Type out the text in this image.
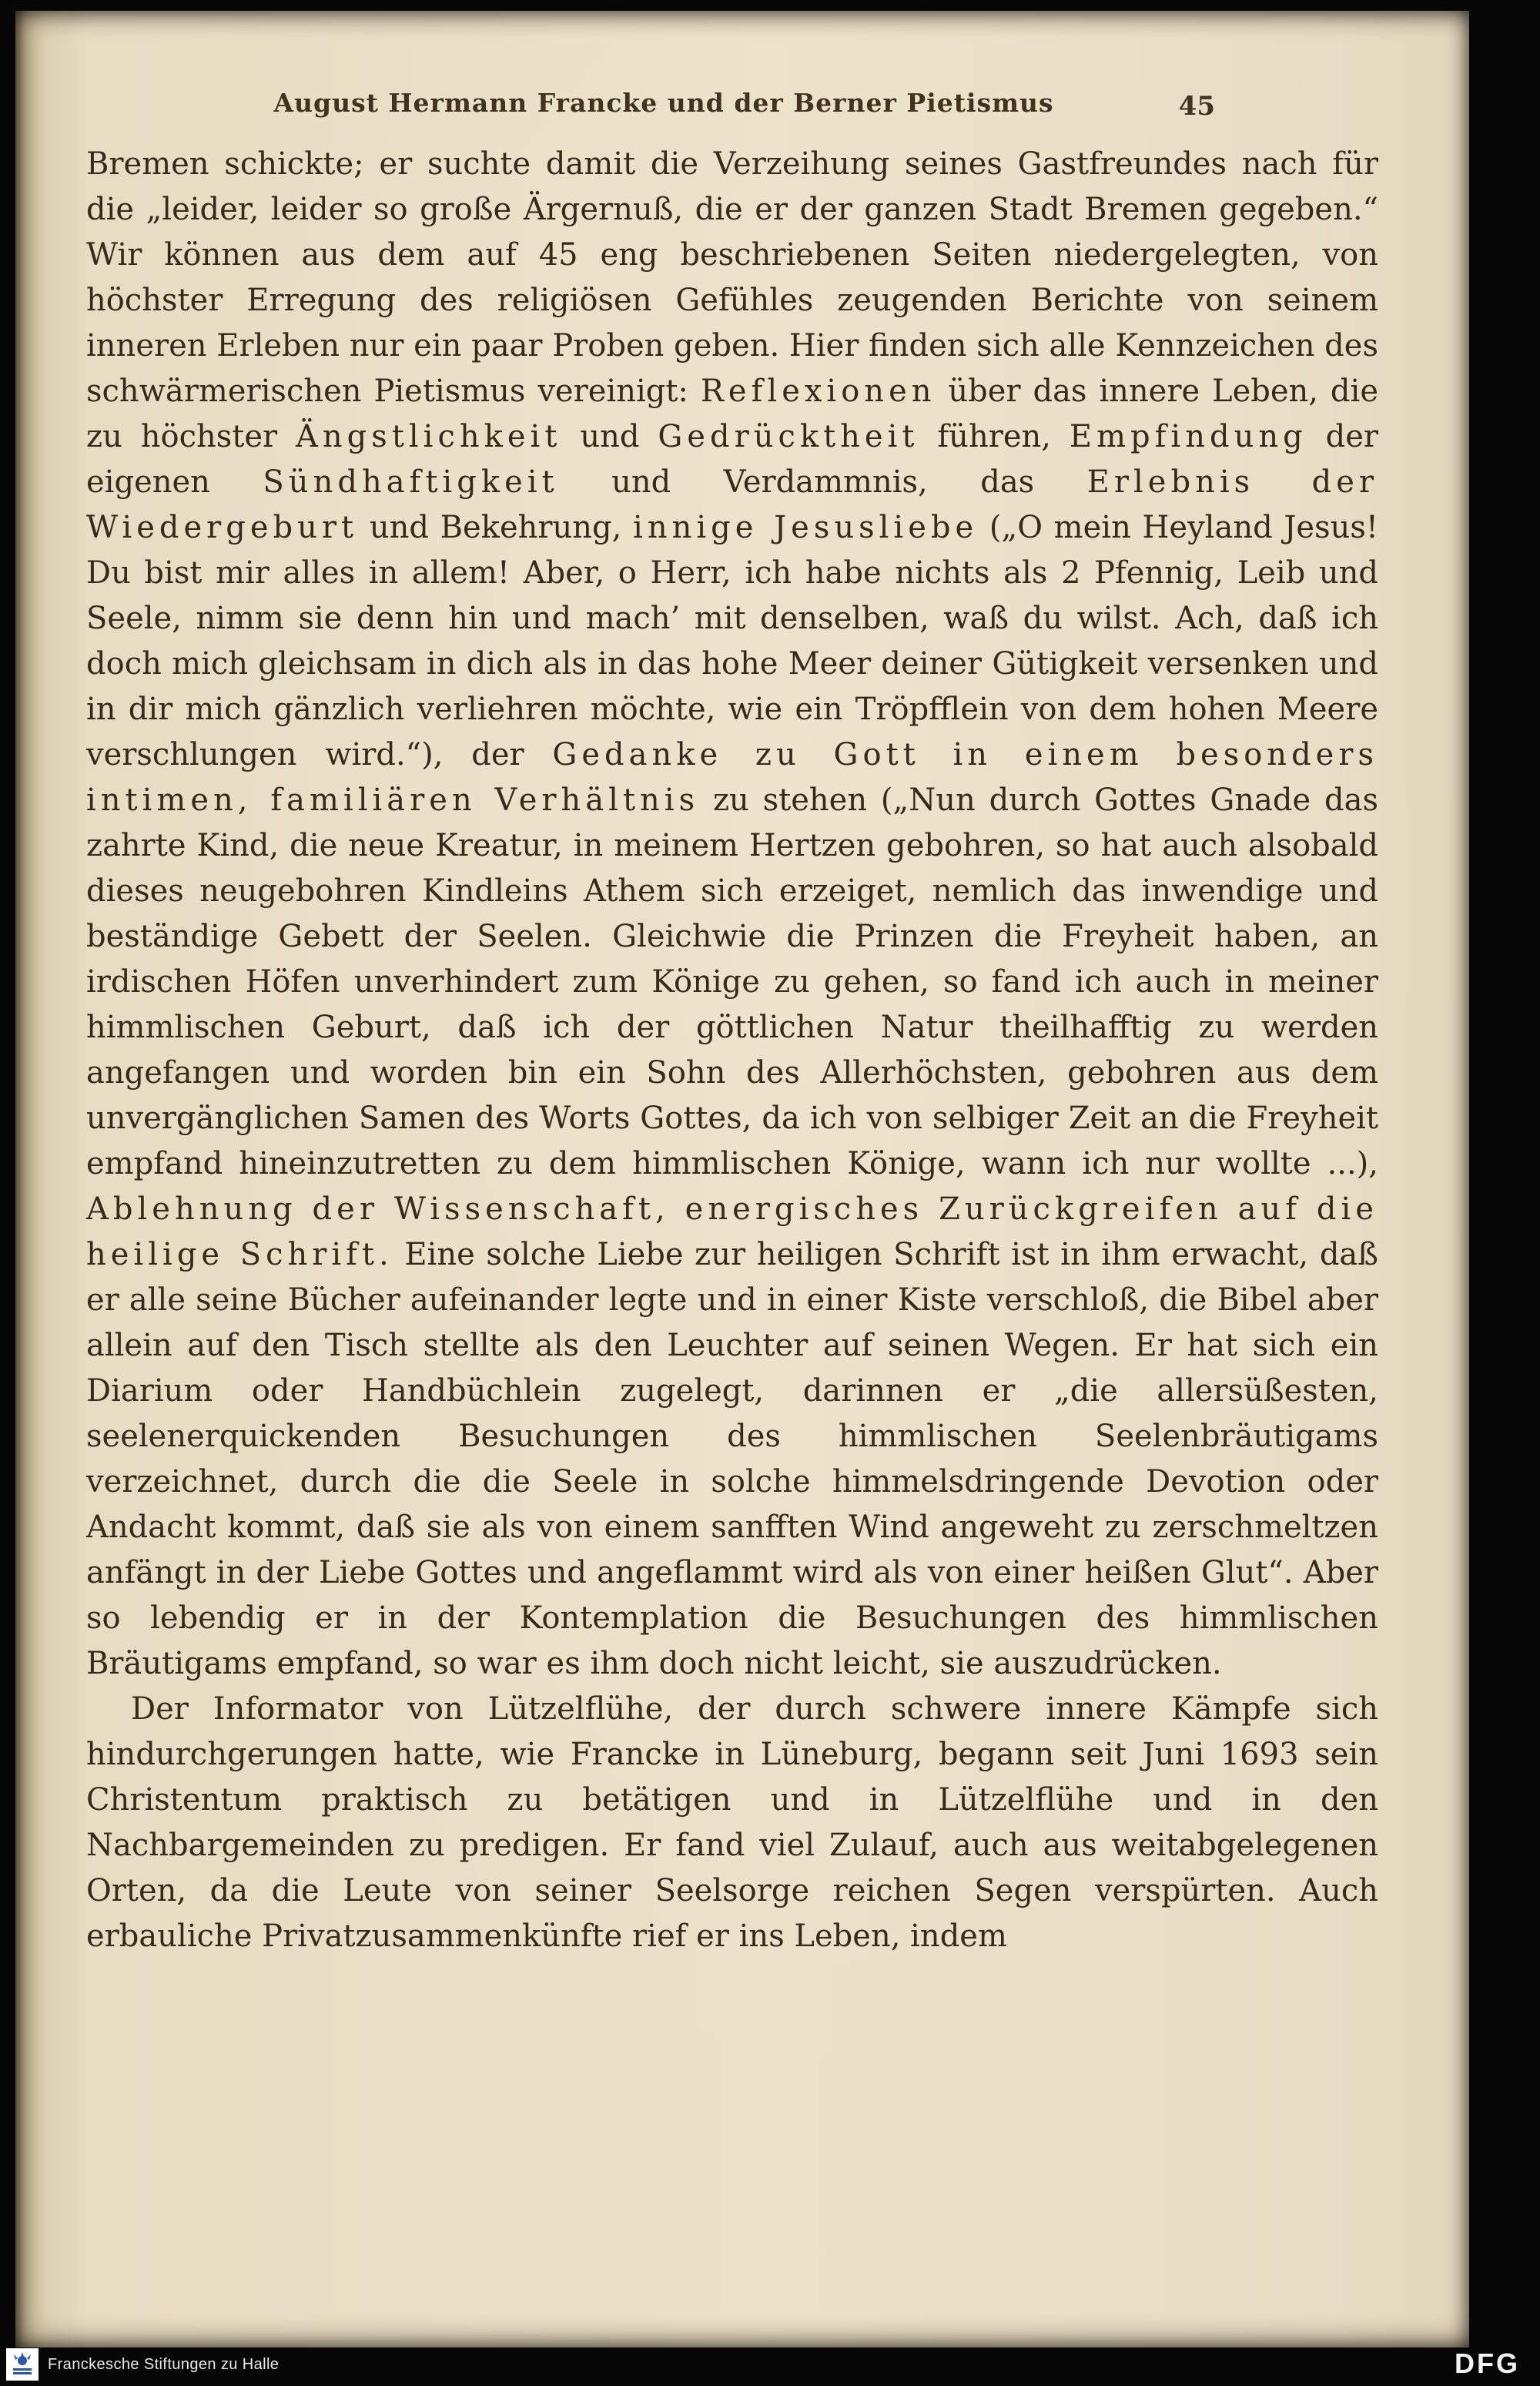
August Hermann Francke und der Berner Pietismus	45

Bremen schickte; er suchte damit die Verzeihung seines Gastfreundes nach für die „leider, leider so große Ärgernuß, die er der ganzen Stadt Bremen gegeben.“ Wir können aus dem auf 45 eng beschriebenen Seiten niedergelegten, von höchster Erregung des religiösen Gefühles zeugenden Berichte von seinem inneren Erleben nur ein paar Proben geben. Hier finden sich alle Kennzeichen des schwärmerischen Pietismus vereinigt: Reflexionen über das innere Leben, die zu höchster Ängstlichkeit und Gedrücktheit führen, Empfindung der eigenen Sündhaftigkeit und Verdammnis, das Erlebnis der Wiedergeburt und Bekehrung, innige Jesusliebe („O mein Heyland Jesus! Du bist mir alles in allem! Aber, o Herr, ich habe nichts als 2 Pfennig, Leib und Seele, nimm sie denn hin und mach’ mit denselben, waß du wilst. Ach, daß ich doch mich gleichsam in dich als in das hohe Meer deiner Gütigkeit versenken und in dir mich gänzlich verliehren möchte, wie ein Tröpfflein von dem hohen Meere verschlungen wird.“), der Gedanke zu Gott in einem besonders intimen, familiären Verhältnis zu stehen („Nun durch Gottes Gnade das zahrte Kind, die neue Kreatur, in meinem Hertzen gebohren, so hat auch alsobald dieses neugebohren Kindleins Athem sich erzeiget, nemlich das inwendige und beständige Gebett der Seelen. Gleichwie die Prinzen die Freyheit haben, an irdischen Höfen unverhindert zum Könige zu gehen, so fand ich auch in meiner himmlischen Geburt, daß ich der göttlichen Natur theilhafftig zu werden angefangen und worden bin ein Sohn des Allerhöchsten, gebohren aus dem unvergänglichen Samen des Worts Gottes, da ich von selbiger Zeit an die Freyheit empfand hineinzutretten zu dem himmlischen Könige, wann ich nur wollte ...), Ablehnung der Wissenschaft, energisches Zurückgreifen auf die heilige Schrift. Eine solche Liebe zur heiligen Schrift ist in ihm erwacht, daß er alle seine Bücher aufeinander legte und in einer Kiste verschloß, die Bibel aber allein auf den Tisch stellte als den Leuchter auf seinen Wegen. Er hat sich ein Diarium oder Handbüchlein zugelegt, darinnen er „die allersüßesten, seelenerquickenden Besuchungen des himmlischen Seelenbräutigams verzeichnet, durch die die Seele in solche himmelsdringende Devotion oder Andacht kommt, daß sie als von einem sanfften Wind angeweht zu zerschmeltzen anfängt in der Liebe Gottes und angeflammt wird als von einer heißen Glut“. Aber so lebendig er in der Kontemplation die Besuchungen des himmlischen Bräutigams empfand, so war es ihm doch nicht leicht, sie auszudrücken.

Der Informator von Lützelflühe, der durch schwere innere Kämpfe sich hindurchgerungen hatte, wie Francke in Lüneburg, begann seit Juni 1693 sein Christentum praktisch zu betätigen und in Lützelflühe und in den Nachbargemeinden zu predigen. Er fand viel Zulauf, auch aus weitabgelegenen Orten, da die Leute von seiner Seelsorge reichen Segen verspürten. Auch erbauliche Privatzusammenkünfte rief er ins Leben, indem

Franckesche Stiftungen zu Halle	DFG
